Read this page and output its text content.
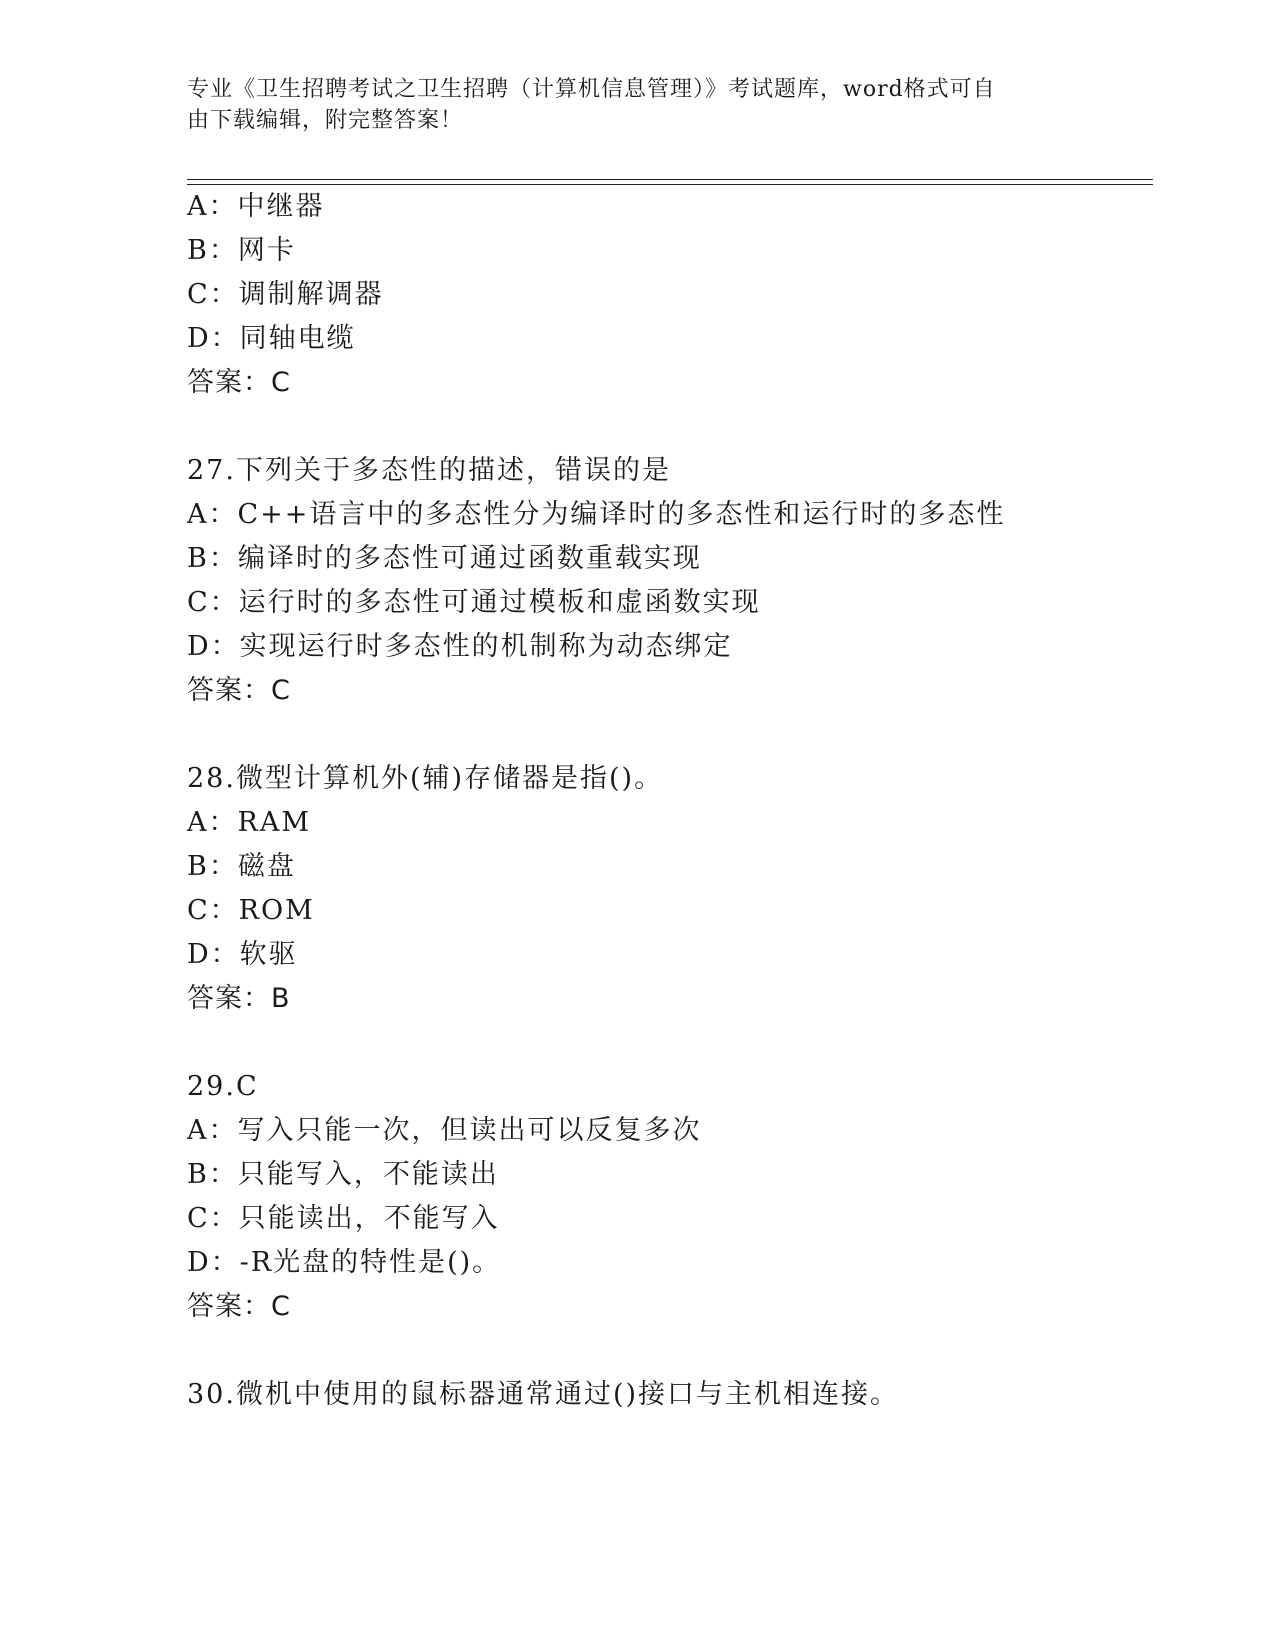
专业《卫生招聘考试之卫生招聘（计算机信息管理）》考试题库，word格式可自
由下载编辑，附完整答案！
A：中继器
B：网卡
C：调制解调器
D：同轴电缆
答案：C
27.下列关于多态性的描述，错误的是
A：C++语言中的多态性分为编译时的多态性和运行时的多态性
B：编译时的多态性可通过函数重载实现
C：运行时的多态性可通过模板和虚函数实现
D：实现运行时多态性的机制称为动态绑定
答案：C
28.微型计算机外(辅)存储器是指()。
A：RAM
B：磁盘
C：ROM
D：软驱
答案：B
29.C
A：写入只能一次，但读出可以反复多次
B：只能写入，不能读出
C：只能读出，不能写入
D：-R光盘的特性是()。
答案：C
30.微机中使用的鼠标器通常通过()接口与主机相连接。
